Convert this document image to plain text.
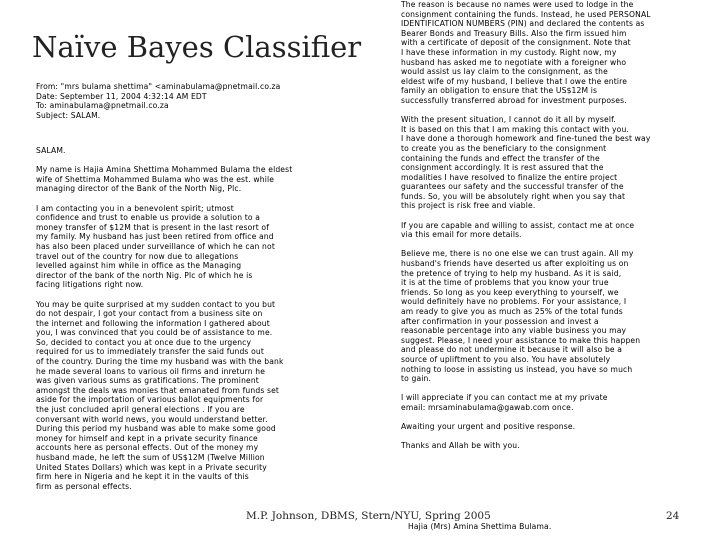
Naïve Bayes Classifier
From: "mrs bulama shettima" <aminabulama@pnetmail.co.za
Date: September 11, 2004 4:32:14 AM EDT
To: aminabulama@pnetmail.co.za
Subject: SALAM.

SALAM.

My name is Hajia Amina Shettima Mohammed Bulama the eldest
wife of Shettima Mohammed Bulama who was the est. while
managing director of the Bank of the North Nig, Plc.

I am contacting you in a benevolent spirit; utmost
confidence and trust to enable us provide a solution to a
money transfer of $12M that is present in the last resort of
my family. My husband has just been retired from office and
has also been placed under surveillance of which he can not
travel out of the country for now due to allegations
levelled against him while in office as the Managing
director of the bank of the north Nig. Plc of which he is
facing litigations right now.

You may be quite surprised at my sudden contact to you but
do not despair, I got your contact from a business site on
the internet and following the information I gathered about
you, I was convinced that you could be of assistance to me.
So, decided to contact you at once due to the urgency
required for us to immediately transfer the said funds out
of the country. During the time my husband was with the bank
he made several loans to various oil firms and inreturn he
was given various sums as gratifications. The prominent
amongst the deals was monies that emanated from funds set
aside for the importation of various ballot equipments for
the just concluded april general elections . If you are
conversant with world news, you would understand better.
During this period my husband was able to make some good
money for himself and kept in a private security finance
accounts here as personal effects. Out of the money my
husband made, he left the sum of US$12M (Twelve Million
United States Dollars) which was kept in a Private security
firm here in Nigeria and he kept it in the vaults of this
firm as personal effects.

The reason is because no names were used to lodge in the
consignment containing the funds. Instead, he used PERSONAL
IDENTIFICATION NUMBERS (PIN) and declared the contents as
Bearer Bonds and Treasury Bills. Also the firm issued him
with a certificate of deposit of the consignment. Note that
I have these information in my custody. Right now, my
husband has asked me to negotiate with a foreigner who
would assist us lay claim to the consignment, as the
eldest wife of my husband, I believe that I owe the entire
family an obligation to ensure that the US$12M is
successfully transferred abroad for investment purposes.

With the present situation, I cannot do it all by myself.
It is based on this that I am making this contact with you.
I have done a thorough homework and fine-tuned the best way
to create you as the beneficiary to the consignment
containing the funds and effect the transfer of the
consignment accordingly. It is rest assured that the
modalities I have resolved to finalize the entire project
guarantees our safety and the successful transfer of the
funds. So, you will be absolutely right when you say that
this project is risk free and viable.

If you are capable and willing to assist, contact me at once
via this email for more details.

Believe me, there is no one else we can trust again. All my
husband's friends have deserted us after exploiting us on
the pretence of trying to help my husband. As it is said,
it is at the time of problems that you know your true
friends. So long as you keep everything to yourself, we
would definitely have no problems. For your assistance, I
am ready to give you as much as 25% of the total funds
after confirmation in your possession and invest a
reasonable percentage into any viable business you may
suggest. Please, I need your assistance to make this happen
and please do not undermine it because it will also be a
source of upliftment to you also. You have absolutely
nothing to loose in assisting us instead, you have so much
to gain.

I will appreciate if you can contact me at my private
email: mrsaminabulama@gawab.com once.

Awaiting your urgent and positive response.

Thanks and Allah be with you.

M.P. Johnson, DBMS, Stern/NYU, Spring 2005	24
Hajia (Mrs) Amina Shettima Bulama.
